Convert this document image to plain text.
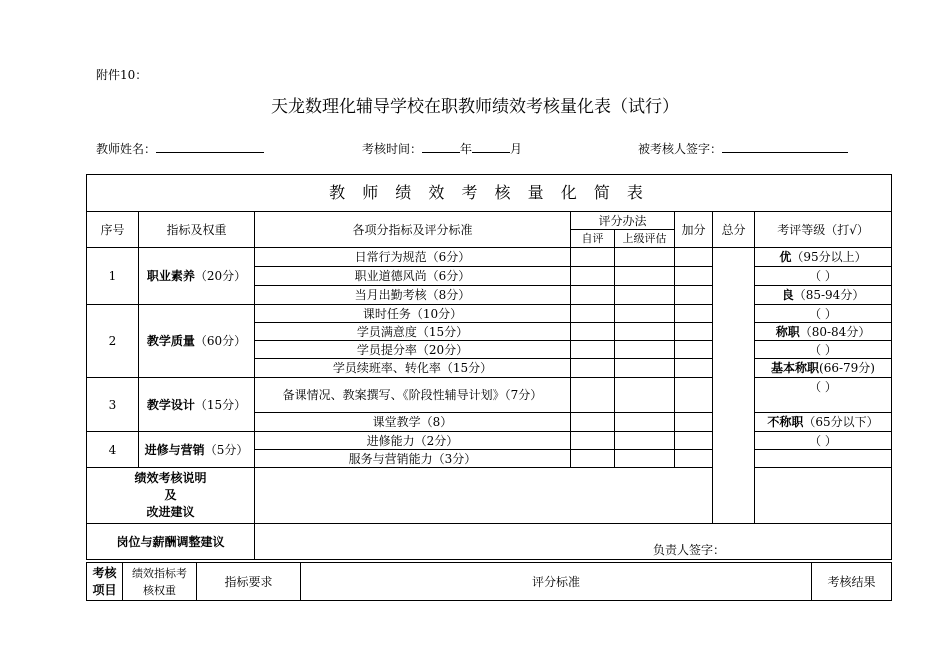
附件10：
天龙数理化辅导学校在职教师绩效考核量化表（试行）
教师姓名：	考核时间：	年	月	被考核人签字：
教 师 绩 效 考 核 量 化 简 表							
序号	指标及权重	各项分指标及评分标准	评分办法		加分	总分	考评等级（打√）
			自评	上级评估			
1	职业素养（20分）	日常行为规范（6分）					优（95分以上）
		职业道德风尚（6分）					（ ）
		当月出勤考核（8分）					良（85-94分）
2	教学质量（60分）	课时任务（10分）					（ ）
		学员满意度（15分）					称职（80-84分）
		学员提分率（20分）					（ ）
		学员续班率、转化率（15分）					基本称职(66-79分)
3	教学设计（15分）	备课情况、教案撰写、《阶段性辅导计划》（7分）					（ ）
		课堂教学（8）					不称职（65分以下）
4	进修与营销（5分）	进修能力（2分）					（ ）
		服务与营销能力（3分）					

绩效考核说明
及
改进建议							

岗位与薪酬调整建议		负责人签字：					
考核项目	绩效指标考核权重	指标要求	评分标准	考核结果
